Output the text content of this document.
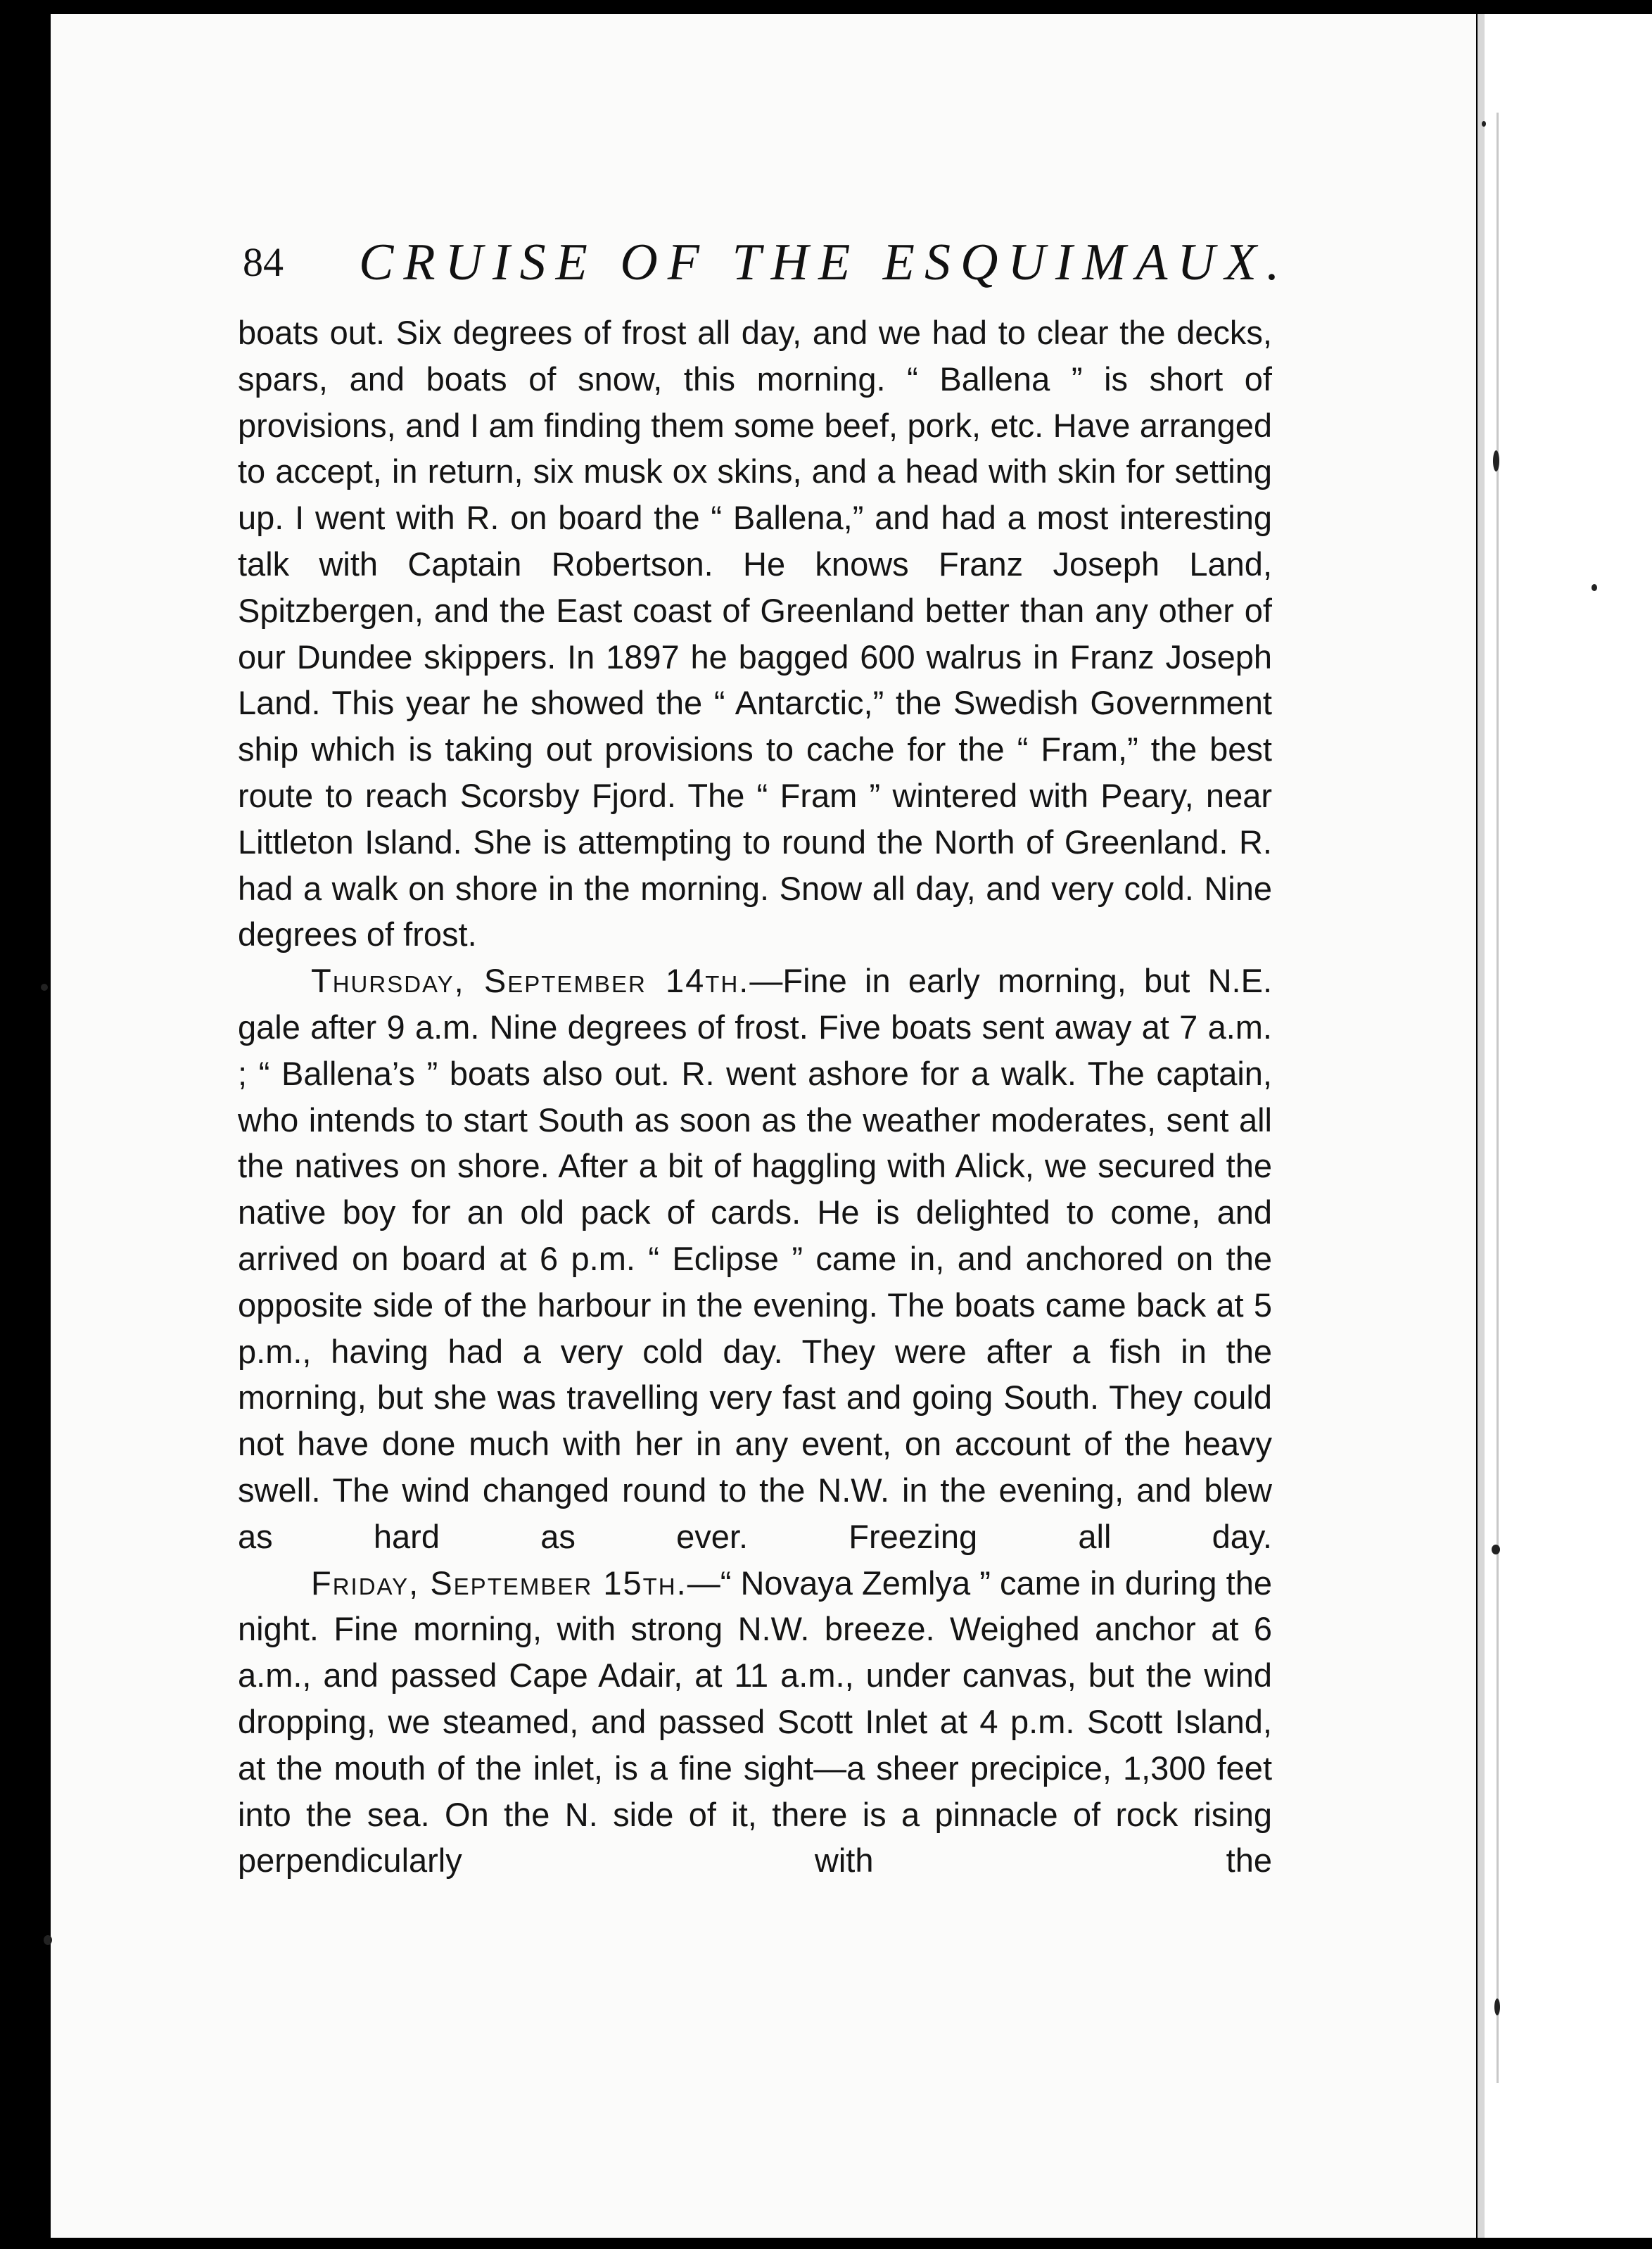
84 CRUISE OF THE ESQUIMAUX.

boats out. Six degrees of frost all day, and we had to clear the decks, spars, and boats of snow, this morning. “ Ballena ” is short of provisions, and I am finding them some beef, pork, etc. Have arranged to accept, in return, six musk ox skins, and a head with skin for setting up. I went with R. on board the “ Ballena,” and had a most interesting talk with Captain Robertson. He knows Franz Joseph Land, Spitzbergen, and the East coast of Greenland better than any other of our Dundee skippers. In 1897 he bagged 600 walrus in Franz Joseph Land. This year he showed the “ Antarctic,” the Swedish Government ship which is taking out provisions to cache for the “ Fram,” the best route to reach Scorsby Fjord. The “ Fram ” wintered with Peary, near Littleton Island. She is attempting to round the North of Greenland. R. had a walk on shore in the morning. Snow all day, and very cold. Nine degrees of frost.

Thursday, September 14th.—Fine in early morning, but N.E. gale after 9 a.m. Nine degrees of frost. Five boats sent away at 7 a.m. ; “ Ballena’s ” boats also out. R. went ashore for a walk. The captain, who intends to start South as soon as the weather moderates, sent all the natives on shore. After a bit of haggling with Alick, we secured the native boy for an old pack of cards. He is delighted to come, and arrived on board at 6 p.m. “ Eclipse ” came in, and anchored on the opposite side of the harbour in the evening. The boats came back at 5 p.m., having had a very cold day. They were after a fish in the morning, but she was travelling very fast and going South. They could not have done much with her in any event, on account of the heavy swell. The wind changed round to the N.W. in the evening, and blew as hard as ever. Freezing all day.

Friday, September 15th.—“ Novaya Zemlya ” came in during the night. Fine morning, with strong N.W. breeze. Weighed anchor at 6 a.m., and passed Cape Adair, at 11 a.m., under canvas, but the wind dropping, we steamed, and passed Scott Inlet at 4 p.m. Scott Island, at the mouth of the inlet, is a fine sight—a sheer precipice, 1,300 feet into the sea. On the N. side of it, there is a pinnacle of rock rising perpendicularly with the
